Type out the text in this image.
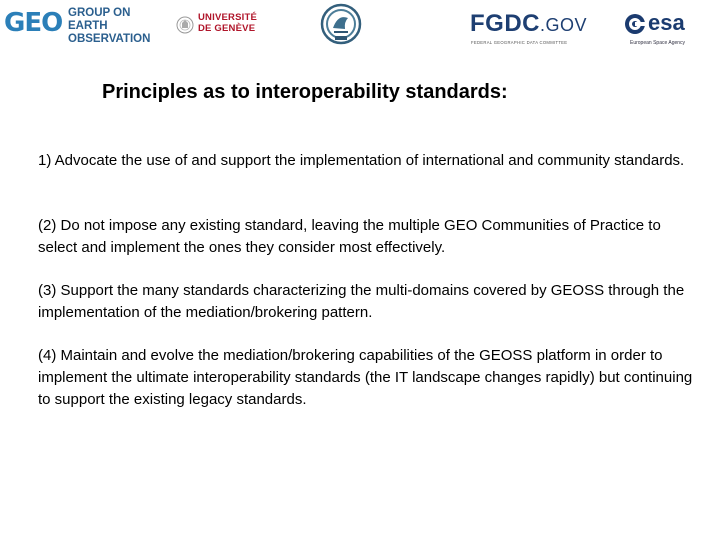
GEO GROUP ON
EARTH OBSERVATION
UNIVERSITÉ
DE GENÈVE	FGDC.GOV
FEDERAL GEOGRAPHIC DATA COMMITTEE
esa
European Space Agency
Principles as to interoperability standards:

1) Advocate the use of and support the implementation of international and community standards.

(2) Do not impose any existing standard, leaving the multiple GEO Communities of Practice to select and implement the ones they consider most effectively.

(3) Support the many standards characterizing the multi-domains covered by GEOSS through the implementation of the mediation/brokering pattern.

(4) Maintain and evolve the mediation/brokering capabilities of the GEOSS platform in order to implement the ultimate interoperability standards (the IT landscape changes rapidly) but continuing to support the existing legacy standards.
